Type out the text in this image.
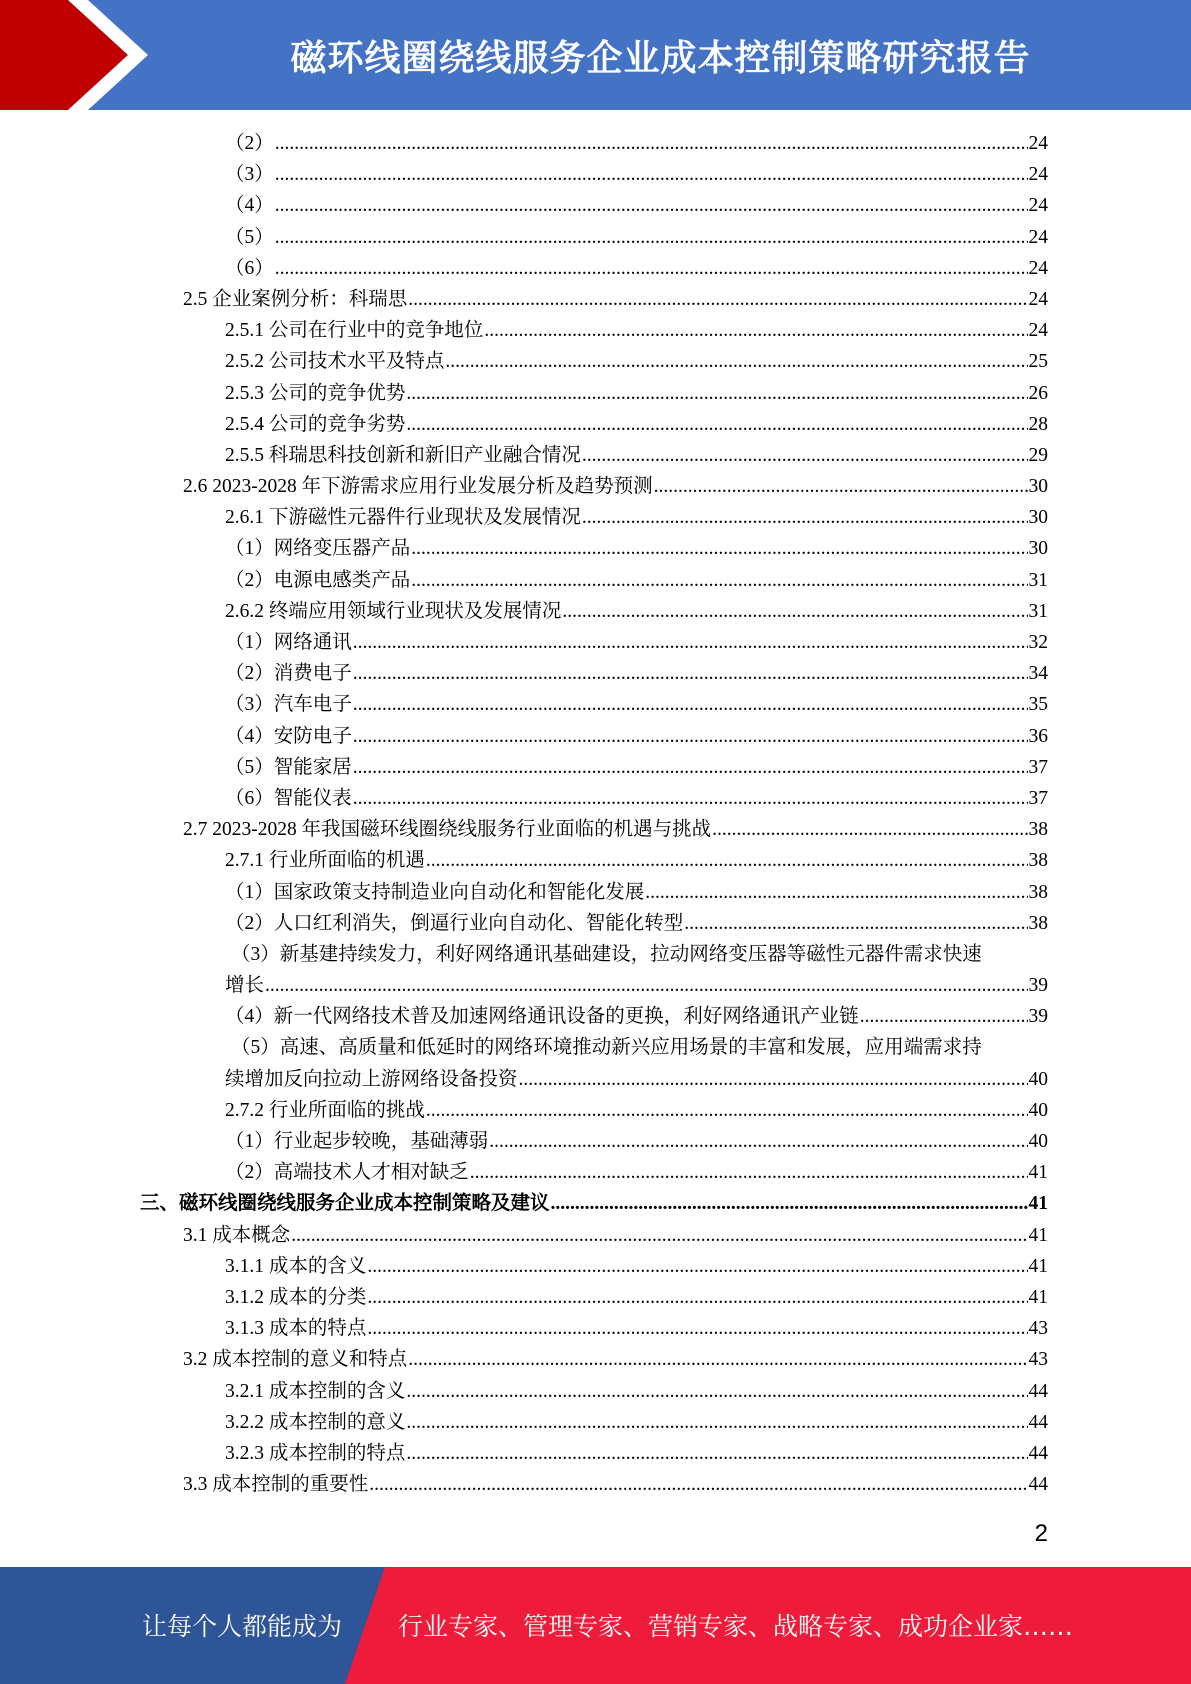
磁环线圈绕线服务企业成本控制策略研究报告
（2） .....	24
（3） .....	24
（4） .....	24
（5） .....	24
（6） .....	24
2.5 企业案例分析：科瑞思 .....	24
2.5.1 公司在行业中的竞争地位 .....	24
2.5.2 公司技术水平及特点 .....	25
2.5.3 公司的竞争优势 .....	26
2.5.4 公司的竞争劣势 .....	28
2.5.5 科瑞思科技创新和新旧产业融合情况 .....	29
2.6 2023-2028 年下游需求应用行业发展分析及趋势预测 .....	30
2.6.1 下游磁性元器件行业现状及发展情况 .....	30
（1）网络变压器产品 .....	30
（2）电源电感类产品 .....	31
2.6.2 终端应用领域行业现状及发展情况 .....	31
（1）网络通讯 .....	32
（2）消费电子 .....	34
（3）汽车电子 .....	35
（4）安防电子 .....	36
（5）智能家居 .....	37
（6）智能仪表 .....	37
2.7 2023-2028 年我国磁环线圈绕线服务行业面临的机遇与挑战 .....	38
2.7.1 行业所面临的机遇 .....	38
（1）国家政策支持制造业向自动化和智能化发展 .....	38
（2）人口红利消失，倒逼行业向自动化、智能化转型 .....	38
（3）新基建持续发力，利好网络通讯基础建设，拉动网络变压器等磁性元器件需求快速
增长 .....	39
（4）新一代网络技术普及加速网络通讯设备的更换，利好网络通讯产业链 .....	39
（5）高速、高质量和低延时的网络环境推动新兴应用场景的丰富和发展，应用端需求持
续增加反向拉动上游网络设备投资 .....	40
2.7.2 行业所面临的挑战 .....	40
（1）行业起步较晚，基础薄弱 .....	40
（2）高端技术人才相对缺乏 .....	41
三、磁环线圈绕线服务企业成本控制策略及建议 .....	41
3.1 成本概念 .....	41
3.1.1 成本的含义 .....	41
3.1.2 成本的分类 .....	41
3.1.3 成本的特点 .....	43
3.2 成本控制的意义和特点 .....	43
3.2.1 成本控制的含义 .....	44
3.2.2 成本控制的意义 .....	44
3.2.3 成本控制的特点 .....	44
3.3 成本控制的重要性 .....	44
2
让每个人都能成为 行业专家、管理专家、营销专家、战略专家、成功企业家……
